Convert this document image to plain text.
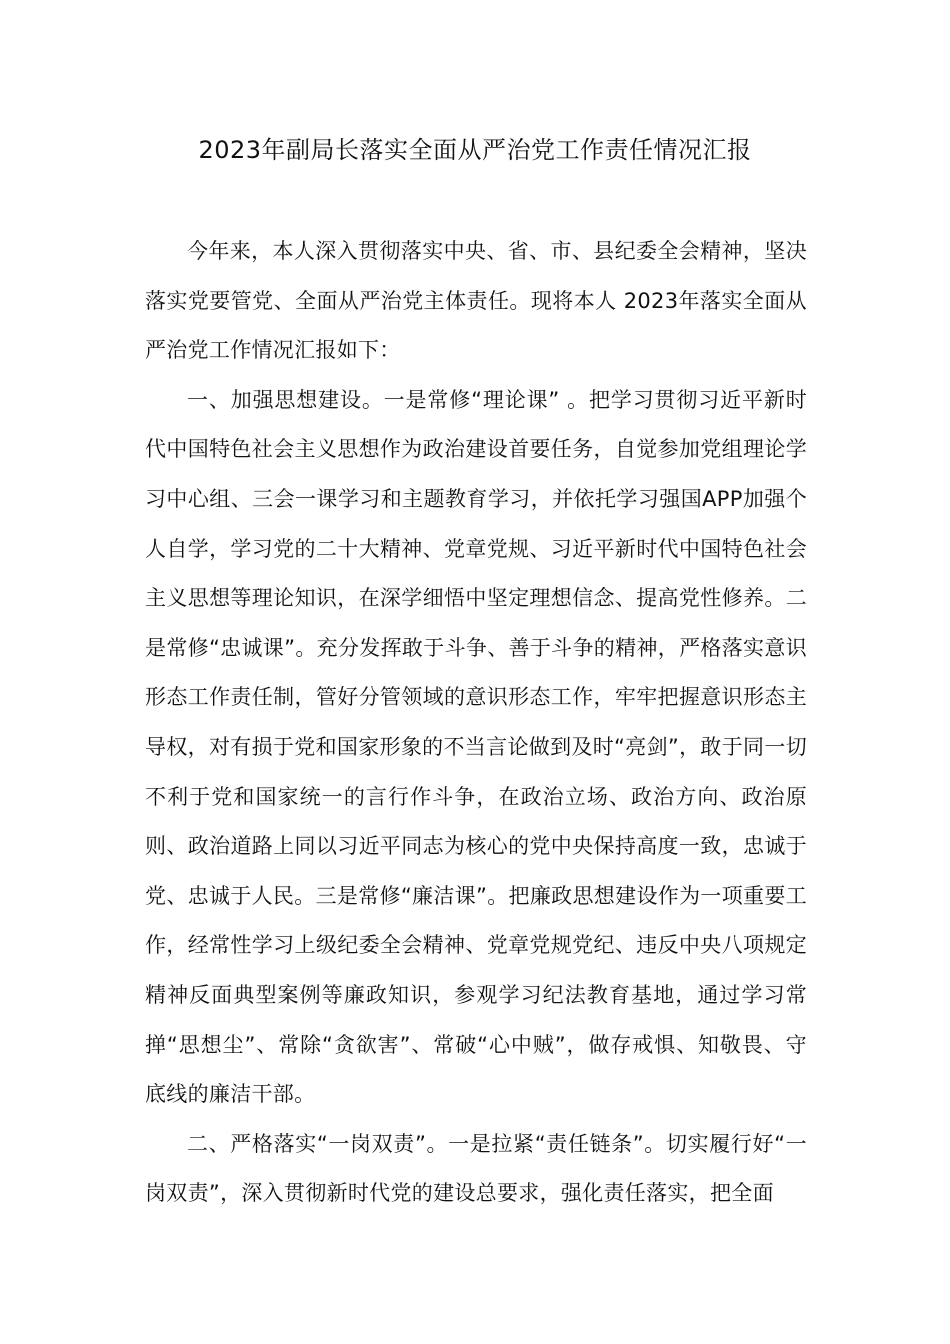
2023年副局长落实全面从严治党工作责任情况汇报

今年来，本人深入贯彻落实中央、省、市、县纪委全会精神，坚决落实党要管党、全面从严治党主体责任。现将本人 2023年落实全面从严治党工作情况汇报如下：

一、加强思想建设。一是常修“理论课” 。把学习贯彻习近平新时代中国特色社会主义思想作为政治建设首要任务，自觉参加党组理论学习中心组、三会一课学习和主题教育学习，并依托学习强国APP加强个人自学，学习党的二十大精神、党章党规、习近平新时代中国特色社会主义思想等理论知识，在深学细悟中坚定理想信念、提高党性修养。二是常修“忠诚课”。充分发挥敢于斗争、善于斗争的精神，严格落实意识形态工作责任制，管好分管领域的意识形态工作，牢牢把握意识形态主导权，对有损于党和国家形象的不当言论做到及时“亮剑”，敢于同一切不利于党和国家统一的言行作斗争，在政治立场、政治方向、政治原则、政治道路上同以习近平同志为核心的党中央保持高度一致，忠诚于党、忠诚于人民。三是常修“廉洁课”。把廉政思想建设作为一项重要工作，经常性学习上级纪委全会精神、党章党规党纪、违反中央八项规定精神反面典型案例等廉政知识，参观学习纪法教育基地，通过学习常掸“思想尘”、常除“贪欲害”、常破“心中贼”，做存戒惧、知敬畏、守底线的廉洁干部。

二、严格落实“一岗双责”。一是拉紧“责任链条”。切实履行好“一岗双责”，深入贯彻新时代党的建设总要求，强化责任落实，把全面
